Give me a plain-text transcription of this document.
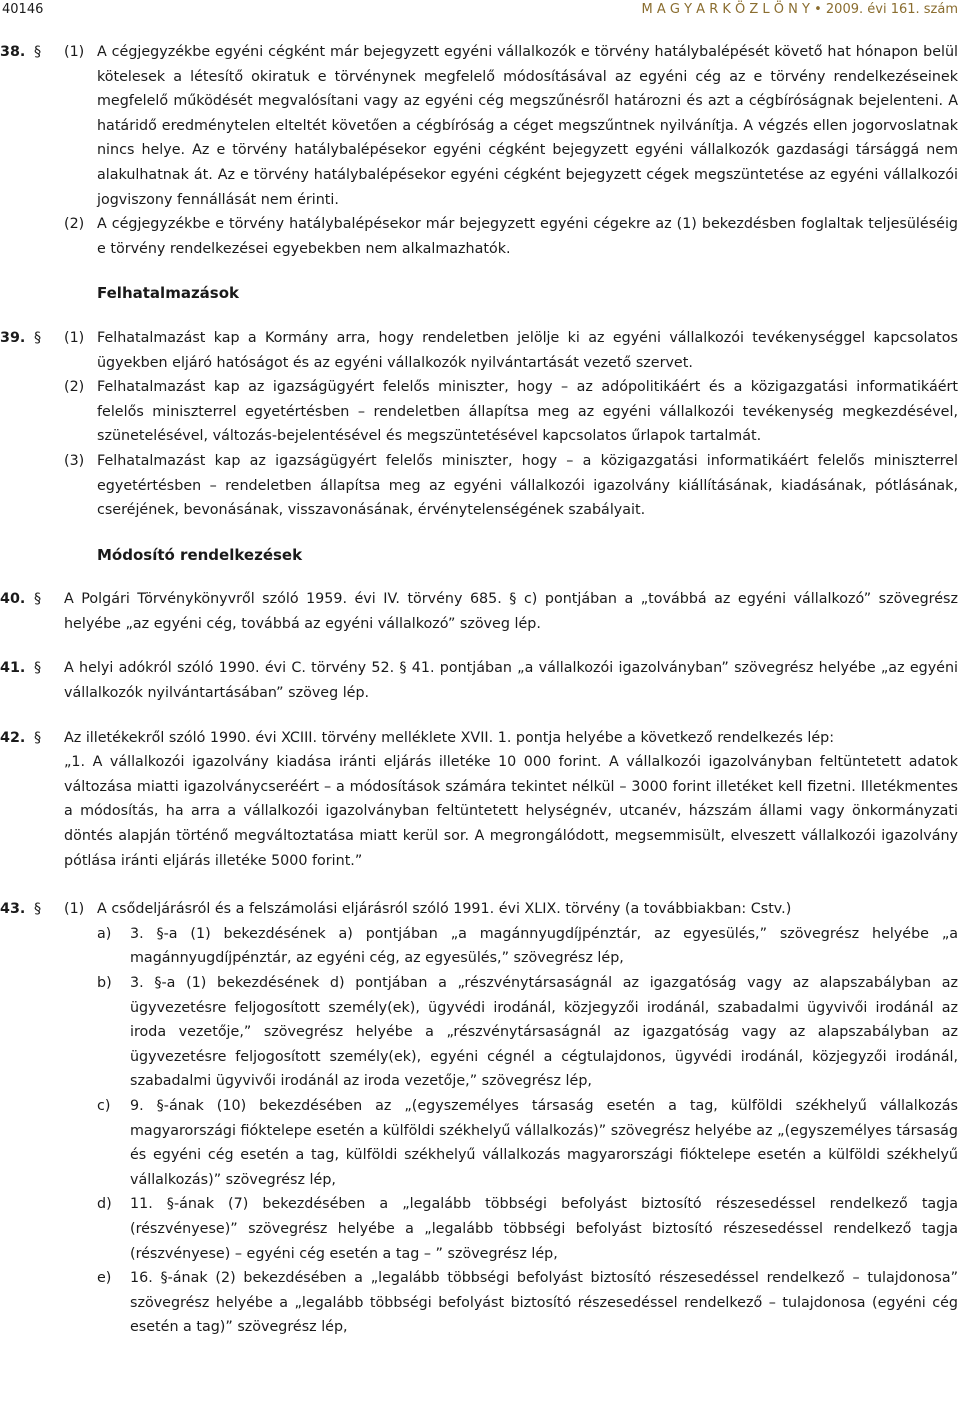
40146	M A G Y A R K Ö Z L Ö N Y • 2009. évi 161. szám
38. §	(1) A cégjegyzékbe egyéni cégként már bejegyzett egyéni vállalkozók e törvény hatálybalépését követő hat hónapon belül kötelesek a létesítő okiratuk e törvénynek megfelelő módosításával az egyéni cég az e törvény rendelkezéseinek megfelelő működését megvalósítani vagy az egyéni cég megszűnésről határozni és azt a cégbíróságnak bejelenteni. A határidő eredménytelen elteltét követően a cégbíróság a céget megszűntnek nyilvánítja. A végzés ellen jogorvoslatnak nincs helye. Az e törvény hatálybalépésekor egyéni cégként bejegyzett egyéni vállalkozók gazdasági társággá nem alakulhatnak át. Az e törvény hatálybalépésekor egyéni cégként bejegyzett cégek megszüntetése az egyéni vállalkozói jogviszony fennállását nem érinti.
(2) A cégjegyzékbe e törvény hatálybalépésekor már bejegyzett egyéni cégekre az (1) bekezdésben foglaltak teljesüléséig e törvény rendelkezései egyebekben nem alkalmazhatók.
Felhatalmazások
39. §	(1) Felhatalmazást kap a Kormány arra, hogy rendeletben jelölje ki az egyéni vállalkozói tevékenységgel kapcsolatos ügyekben eljáró hatóságot és az egyéni vállalkozók nyilvántartását vezető szervet.
(2) Felhatalmazást kap az igazságügyért felelős miniszter, hogy – az adópolitikáért és a közigazgatási informatikáért felelős miniszterrel egyetértésben – rendeletben állapítsa meg az egyéni vállalkozói tevékenység megkezdésével, szünetelésével, változás-bejelentésével és megszüntetésével kapcsolatos űrlapok tartalmát.
(3) Felhatalmazást kap az igazságügyért felelős miniszter, hogy – a közigazgatási informatikáért felelős miniszterrel egyetértésben – rendeletben állapítsa meg az egyéni vállalkozói igazolvány kiállításának, kiadásának, pótlásának, cseréjének, bevonásának, visszavonásának, érvénytelenségének szabályait.
Módosító rendelkezések
40. §	A Polgári Törvénykönyvről szóló 1959. évi IV. törvény 685. § c) pontjában a „továbbá az egyéni vállalkozó” szövegrész helyébe „az egyéni cég, továbbá az egyéni vállalkozó” szöveg lép.
41. §	A helyi adókról szóló 1990. évi C. törvény 52. § 41. pontjában „a vállalkozói igazolványban” szövegrész helyébe „az egyéni vállalkozók nyilvántartásában” szöveg lép.
42. §	Az illetékekről szóló 1990. évi XCIII. törvény melléklete XVII. 1. pontja helyébe a következő rendelkezés lép:
„1. A vállalkozói igazolvány kiadása iránti eljárás illetéke 10 000 forint. A vállalkozói igazolványban feltüntetett adatok változása miatti igazolványcseréért – a módosítások számára tekintet nélkül – 3000 forint illetéket kell fizetni. Illetékmentes a módosítás, ha arra a vállalkozói igazolványban feltüntetett helységnév, utcanév, házszám állami vagy önkormányzati döntés alapján történő megváltoztatása miatt kerül sor. A megrongálódott, megsemmisült, elveszett vállalkozói igazolvány pótlása iránti eljárás illetéke 5000 forint.”
43. §	(1) A csődeljárásról és a felszámolási eljárásról szóló 1991. évi XLIX. törvény (a továbbiakban: Cstv.)
a)	3. §-a (1) bekezdésének a) pontjában „a magánnyugdíjpénztár, az egyesülés,” szövegrész helyébe „a magánnyugdíjpénztár, az egyéni cég, az egyesülés,” szövegrész lép,
b)	3. §-a (1) bekezdésének d) pontjában a „részvénytársaságnál az igazgatóság vagy az alapszabályban az ügyvezetésre feljogosított személy(ek), ügyvédi irodánál, közjegyzői irodánál, szabadalmi ügyvivői irodánál az iroda vezetője,” szövegrész helyébe a „részvénytársaságnál az igazgatóság vagy az alapszabályban az ügyvezetésre feljogosított személy(ek), egyéni cégnél a cégtulajdonos, ügyvédi irodánál, közjegyzői irodánál, szabadalmi ügyvivői irodánál az iroda vezetője,” szövegrész lép,
c)	9. §-ának (10) bekezdésében az „(egyszemélyes társaság esetén a tag, külföldi székhelyű vállalkozás magyarországi fióktelepe esetén a külföldi székhelyű vállalkozás)” szövegrész helyébe az „(egyszemélyes társaság és egyéni cég esetén a tag, külföldi székhelyű vállalkozás magyarországi fióktelepe esetén a külföldi székhelyű vállalkozás)” szövegrész lép,
d)	11. §-ának (7) bekezdésében a „legalább többségi befolyást biztosító részesedéssel rendelkező tagja (részvényese)” szövegrész helyébe a „legalább többségi befolyást biztosító részesedéssel rendelkező tagja (részvényese) – egyéni cég esetén a tag – ” szövegrész lép,
e)	16. §-ának (2) bekezdésében a „legalább többségi befolyást biztosító részesedéssel rendelkező – tulajdonosa” szövegrész helyébe a „legalább többségi befolyást biztosító részesedéssel rendelkező – tulajdonosa (egyéni cég esetén a tag)” szövegrész lép,
